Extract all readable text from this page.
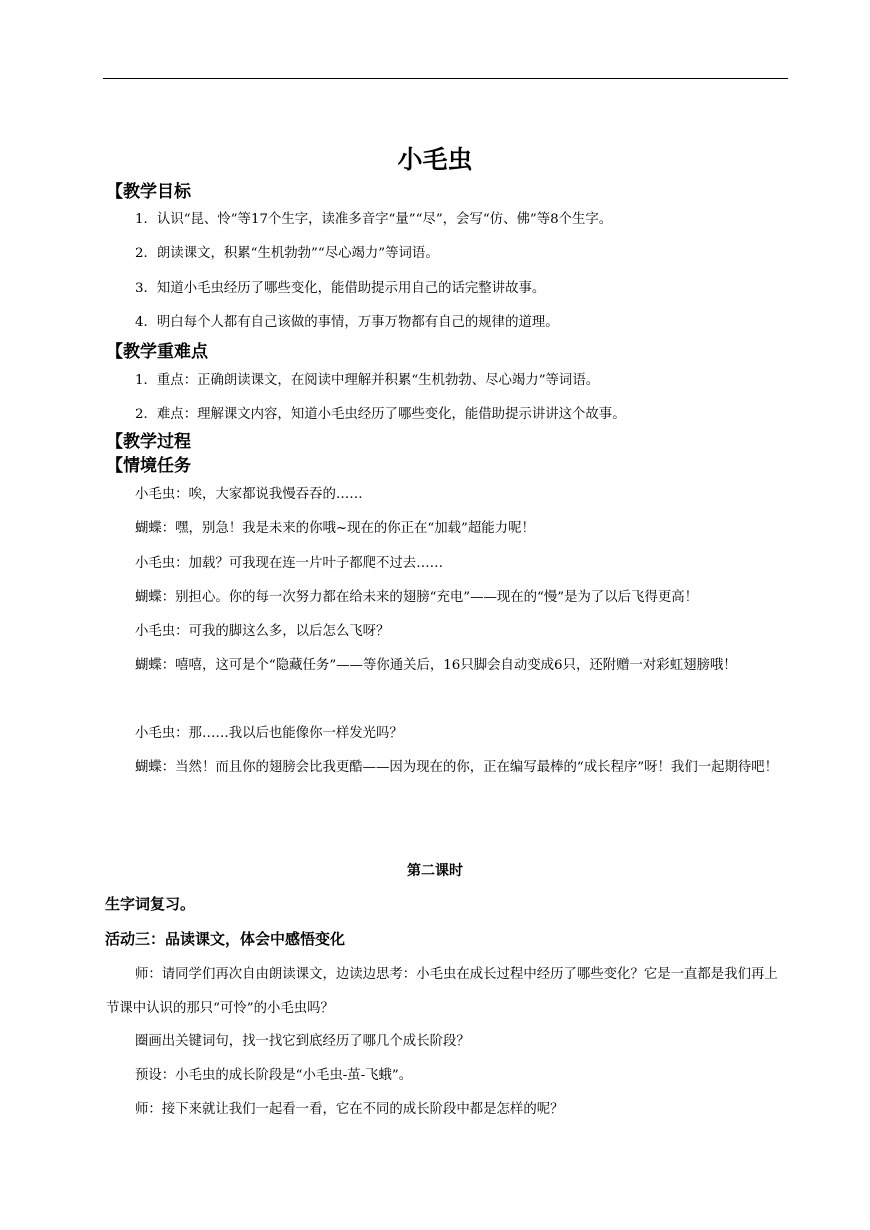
小毛虫
【教学目标
1．认识“昆、怜”等17个生字，读准多音字“量”“尽”，会写“仿、佛”等8个生字。
2．朗读课文，积累“生机勃勃”“尽心竭力”等词语。
3．知道小毛虫经历了哪些变化，能借助提示用自己的话完整讲故事。
4．明白每个人都有自己该做的事情，万事万物都有自己的规律的道理。
【教学重难点
1．重点：正确朗读课文，在阅读中理解并积累“生机勃勃、尽心竭力”等词语。
2．难点：理解课文内容，知道小毛虫经历了哪些变化，能借助提示讲讲这个故事。
【教学过程
【情境任务
小毛虫：唉，大家都说我慢吞吞的……
蝴蝶：嘿，别急！我是未来的你哦~现在的你正在“加载”超能力呢！
小毛虫：加载？可我现在连一片叶子都爬不过去……
蝴蝶：别担心。你的每一次努力都在给未来的翅膀“充电”——现在的“慢”是为了以后飞得更高！
小毛虫：可我的脚这么多，以后怎么飞呀？
蝴蝶：嘻嘻，这可是个“隐藏任务”——等你通关后，16只脚会自动变成6只，还附赠一对彩虹翅膀哦！
小毛虫：那……我以后也能像你一样发光吗？
蝴蝶：当然！而且你的翅膀会比我更酷——因为现在的你，正在编写最棒的“成长程序”呀！我们一起期待吧！
第二课时
生字词复习。
活动三：品读课文，体会中感悟变化
师：请同学们再次自由朗读课文，边读边思考：小毛虫在成长过程中经历了哪些变化？它是一直都是我们再上节课中认识的那只“可怜”的小毛虫吗？
圈画出关键词句，找一找它到底经历了哪几个成长阶段？
预设：小毛虫的成长阶段是“小毛虫-茧-飞蛾”。
师：接下来就让我们一起看一看，它在不同的成长阶段中都是怎样的呢？
